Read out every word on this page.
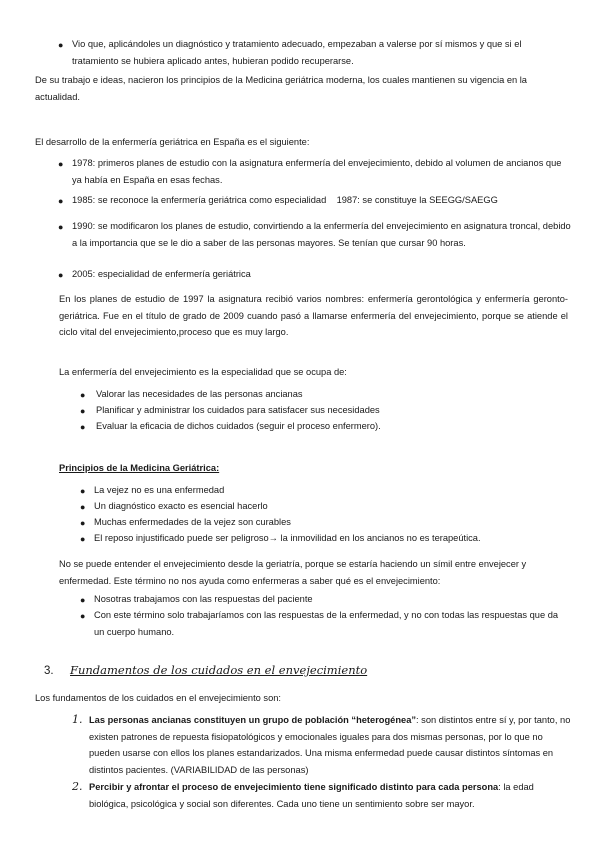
● Vio que, aplicándoles un diagnóstico y tratamiento adecuado, empezaban a valerse por sí mismos y que si el tratamiento se hubiera aplicado antes, hubieran podido recuperarse.
De su trabajo e ideas, nacieron los principios de la Medicina geriátrica moderna, los cuales mantienen su vigencia en la actualidad.
El desarrollo de la enfermería geriátrica en España es el siguiente:
● 1978: primeros planes de estudio con la asignatura enfermería del envejecimiento, debido al volumen de ancianos que ya había en España en esas fechas.
● 1985: se reconoce la enfermería geriátrica como especialidad    1987: se constituye la SEEGG/SAEGG
● 1990: se modificaron los planes de estudio, convirtiendo a la enfermería del envejecimiento en asignatura troncal, debido a la importancia que se le dio a saber de las personas mayores. Se tenían que cursar 90 horas.
● 2005: especialidad de enfermería geriátrica
En los planes de estudio de 1997 la asignatura recibió varios nombres: enfermería gerontológica y enfermería geronto-geriátrica. Fue en el título de grado de 2009 cuando pasó a llamarse enfermería del envejecimiento, porque se atiende el ciclo vital del envejecimiento,proceso que es muy largo.
La enfermería del envejecimiento es la especialidad que se ocupa de:
● Valorar las necesidades de las personas ancianas
● Planificar y administrar los cuidados para satisfacer sus necesidades
● Evaluar la eficacia de dichos cuidados (seguir el proceso enfermero).
Principios de la Medicina Geriátrica:
● La vejez no es una enfermedad
● Un diagnóstico exacto es esencial hacerlo
● Muchas enfermedades de la vejez son curables
● El reposo injustificado puede ser peligroso→ la inmovilidad en los ancianos no es terapeútica.
No se puede entender el envejecimiento desde la geriatría, porque se estaría haciendo un símil entre envejecer y enfermedad. Este término no nos ayuda como enfermeras a saber qué es el envejecimiento:
● Nosotras trabajamos con las respuestas del paciente
● Con este término solo trabajaríamos con las respuestas de la enfermedad, y no con todas las respuestas que da un cuerpo humano.
3. Fundamentos de los cuidados en el envejecimiento
Los fundamentos de los cuidados en el envejecimiento son:
1. Las personas ancianas constituyen un grupo de población “heterogénea”: son distintos entre sí y, por tanto, no existen patrones de repuesta fisiopatológicos y emocionales iguales para dos mismas personas, por lo que no pueden usarse con ellos los planes estandarizados. Una misma enfermedad puede causar distintos síntomas en distintos pacientes. (VARIABILIDAD de las personas)
2. Percibir y afrontar el proceso de envejecimiento tiene significado distinto para cada persona: la edad biológica, psicológica y social son diferentes. Cada uno tiene un sentimiento sobre ser mayor.
